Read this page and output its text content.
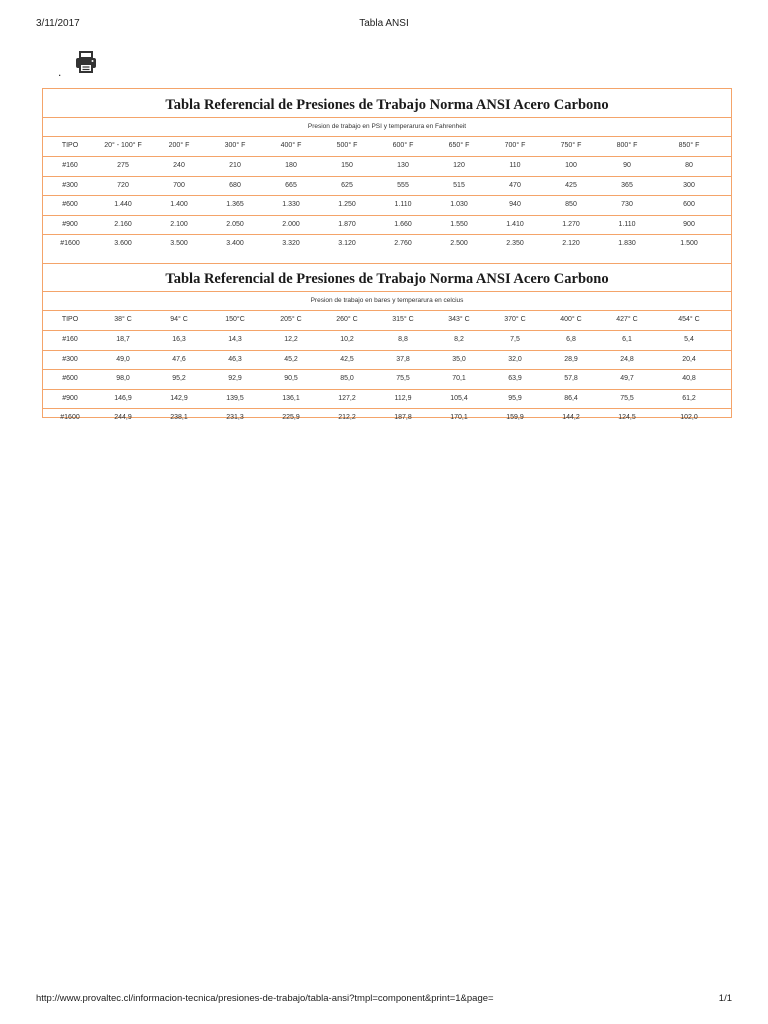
3/11/2017	Tabla ANSI
.
Tabla Referencial de Presiones de Trabajo Norma ANSI Acero Carbono
Presion de trabajo en PSI y temperarura en Fahrenheit
TIPO	20° - 100° F	200° F	300° F	400° F	500° F	600° F	650° F	700° F	750° F	800° F	850° F
#160	275	240	210	180	150	130	120	110	100	90	80
#300	720	700	680	665	625	555	515	470	425	365	300
#600	1.440	1.400	1.365	1.330	1.250	1.110	1.030	940	850	730	600
#900	2.160	2.100	2.050	2.000	1.870	1.660	1.550	1.410	1.270	1.110	900
#1600	3.600	3.500	3.400	3.320	3.120	2.760	2.500	2.350	2.120	1.830	1.500
Tabla Referencial de Presiones de Trabajo Norma ANSI Acero Carbono
Presion de trabajo en bares y temperarura en celcius
TIPO	38° C	94° C	150°C	205° C	260° C	315° C	343° C	370° C	400° C	427° C	454° C
#160	18,7	16,3	14,3	12,2	10,2	8,8	8,2	7,5	6,8	6,1	5,4
#300	49,0	47,6	46,3	45,2	42,5	37,8	35,0	32,0	28,9	24,8	20,4
#600	98,0	95,2	92,9	90,5	85,0	75,5	70,1	63,9	57,8	49,7	40,8
#900	146,9	142,9	139,5	136,1	127,2	112,9	105,4	95,9	86,4	75,5	61,2
#1600	244,9	238,1	231,3	225,9	212,2	187,8	170,1	159,9	144,2	124,5	102,0
http://www.provaltec.cl/informacion-tecnica/presiones-de-trabajo/tabla-ansi?tmpl=component&print=1&page=	1/1
